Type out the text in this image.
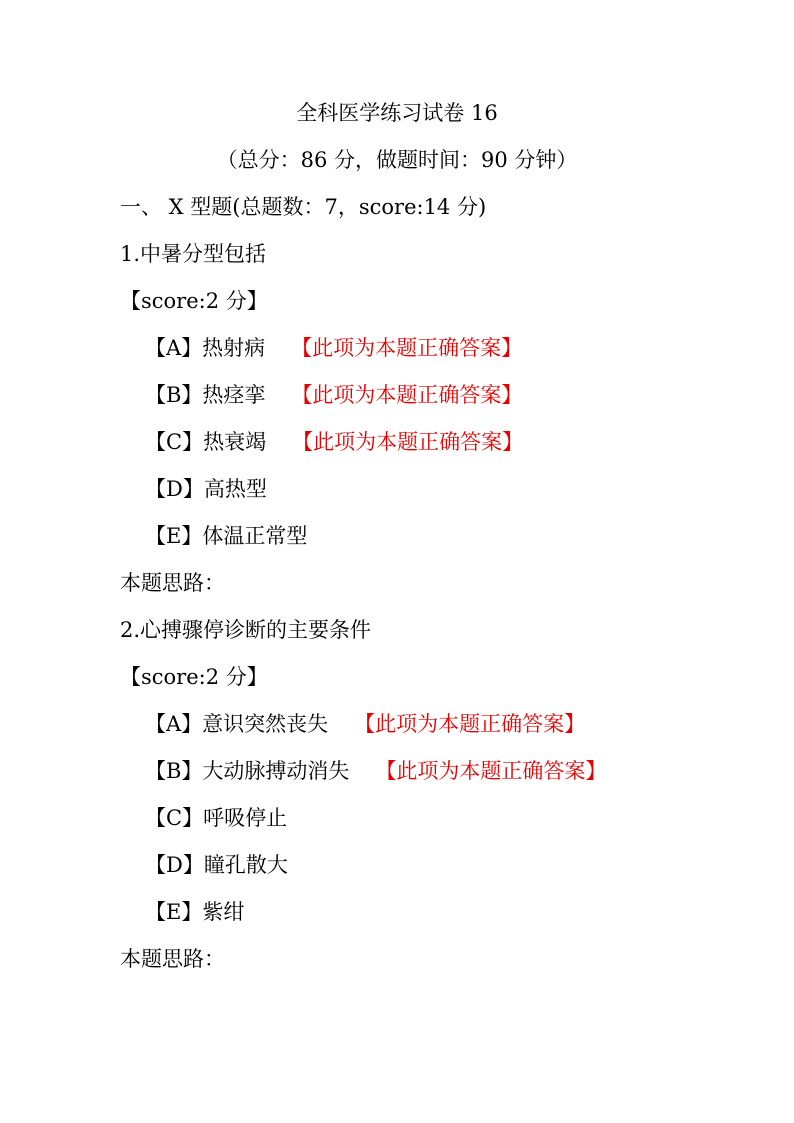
全科医学练习试卷 16
（总分：86 分，做题时间：90 分钟）
一、 X 型题(总题数：7，score:14 分)
1.中暑分型包括
【score:2 分】
【A】热射病 【此项为本题正确答案】
【B】热痉挛 【此项为本题正确答案】
【C】热衰竭 【此项为本题正确答案】
【D】高热型
【E】体温正常型
本题思路：
2.心搏骤停诊断的主要条件
【score:2 分】
【A】意识突然丧失 【此项为本题正确答案】
【B】大动脉搏动消失 【此项为本题正确答案】
【C】呼吸停止
【D】瞳孔散大
【E】紫绀
本题思路：
